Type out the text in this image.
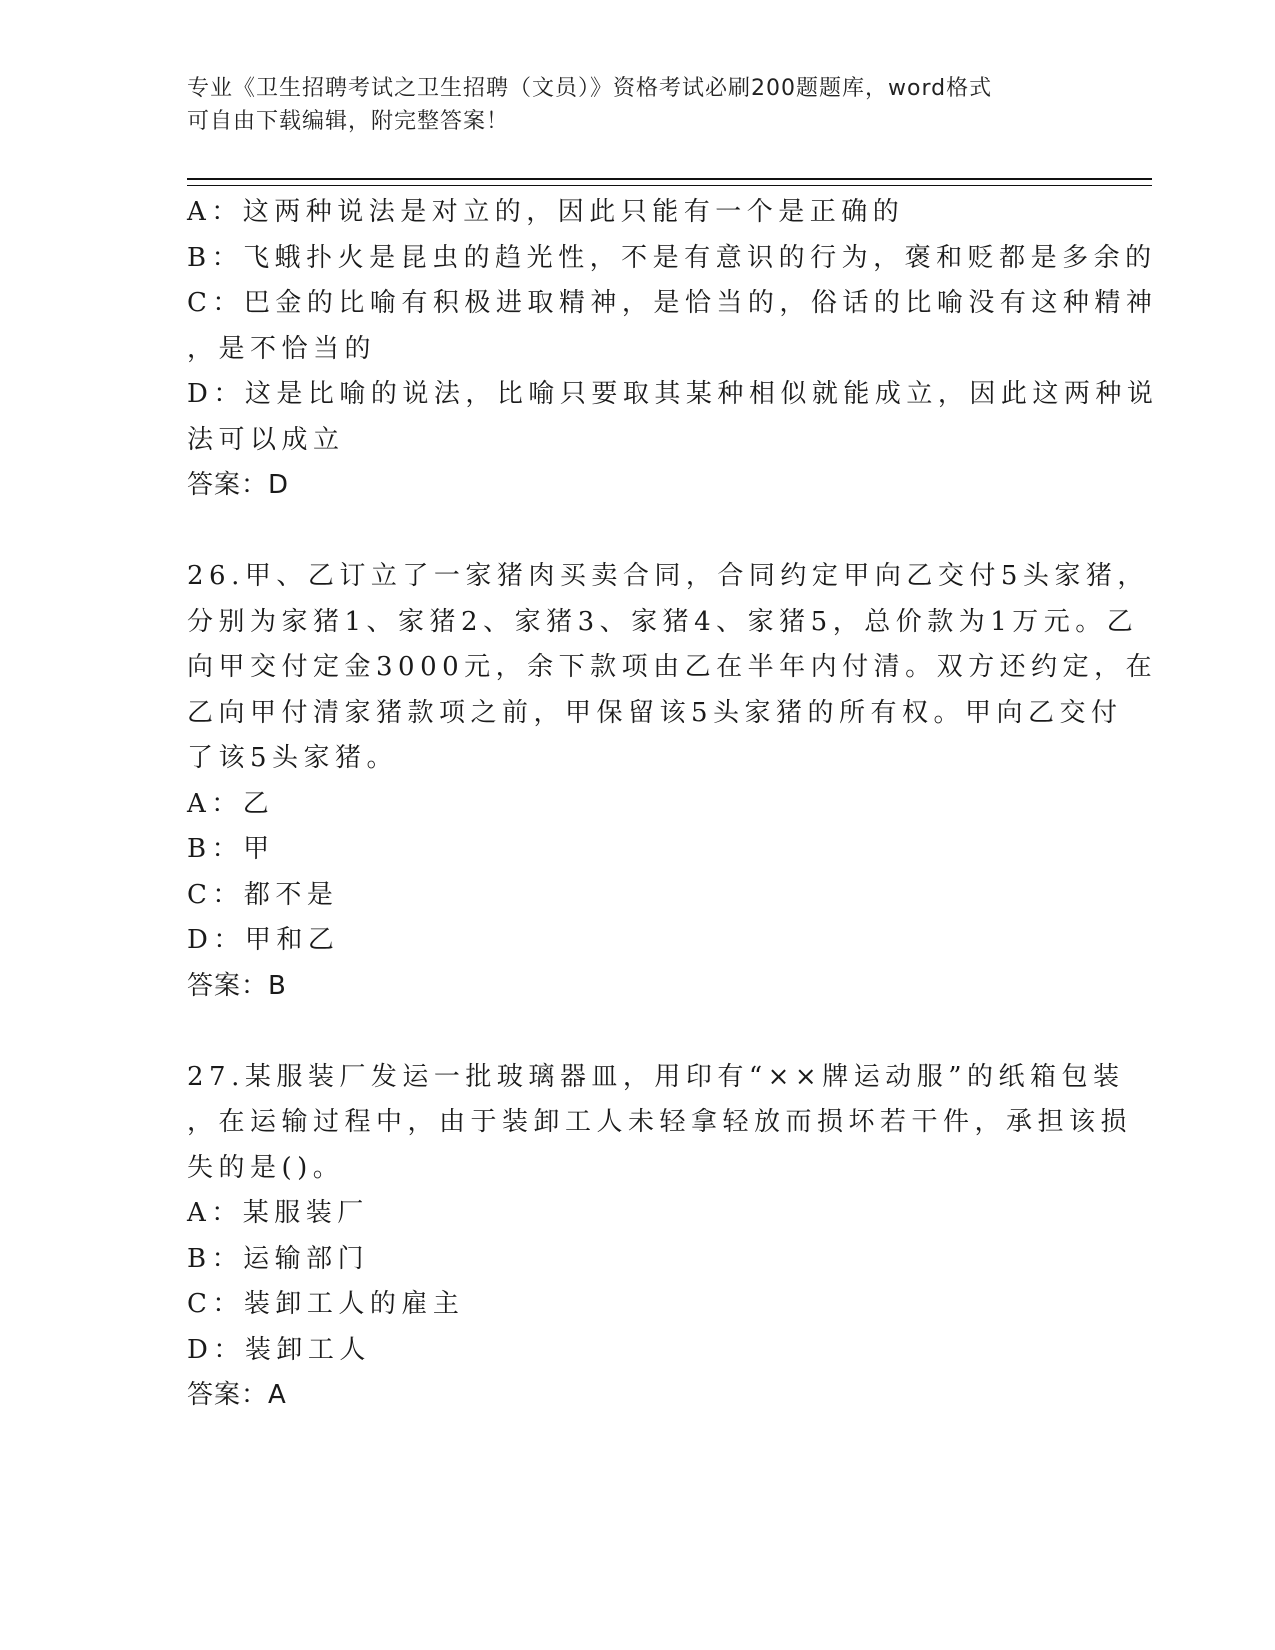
专业《卫生招聘考试之卫生招聘（文员）》资格考试必刷200题题库，word格式
可自由下载编辑，附完整答案！
A：这两种说法是对立的，因此只能有一个是正确的
B：飞蛾扑火是昆虫的趋光性，不是有意识的行为，褒和贬都是多余的
C：巴金的比喻有积极进取精神，是恰当的，俗话的比喻没有这种精神
，是不恰当的
D：这是比喻的说法，比喻只要取其某种相似就能成立，因此这两种说
法可以成立
答案：D
26.甲、乙订立了一家猪肉买卖合同，合同约定甲向乙交付5头家猪，
分别为家猪1、家猪2、家猪3、家猪4、家猪5，总价款为1万元。乙
向甲交付定金3000元，余下款项由乙在半年内付清。双方还约定，在
乙向甲付清家猪款项之前，甲保留该5头家猪的所有权。甲向乙交付
了该5头家猪。
A：乙
B：甲
C：都不是
D：甲和乙
答案：B
27.某服装厂发运一批玻璃器皿，用印有“××牌运动服”的纸箱包装
，在运输过程中，由于装卸工人未轻拿轻放而损坏若干件，承担该损
失的是()。
A：某服装厂
B：运输部门
C：装卸工人的雇主
D：装卸工人
答案：A
